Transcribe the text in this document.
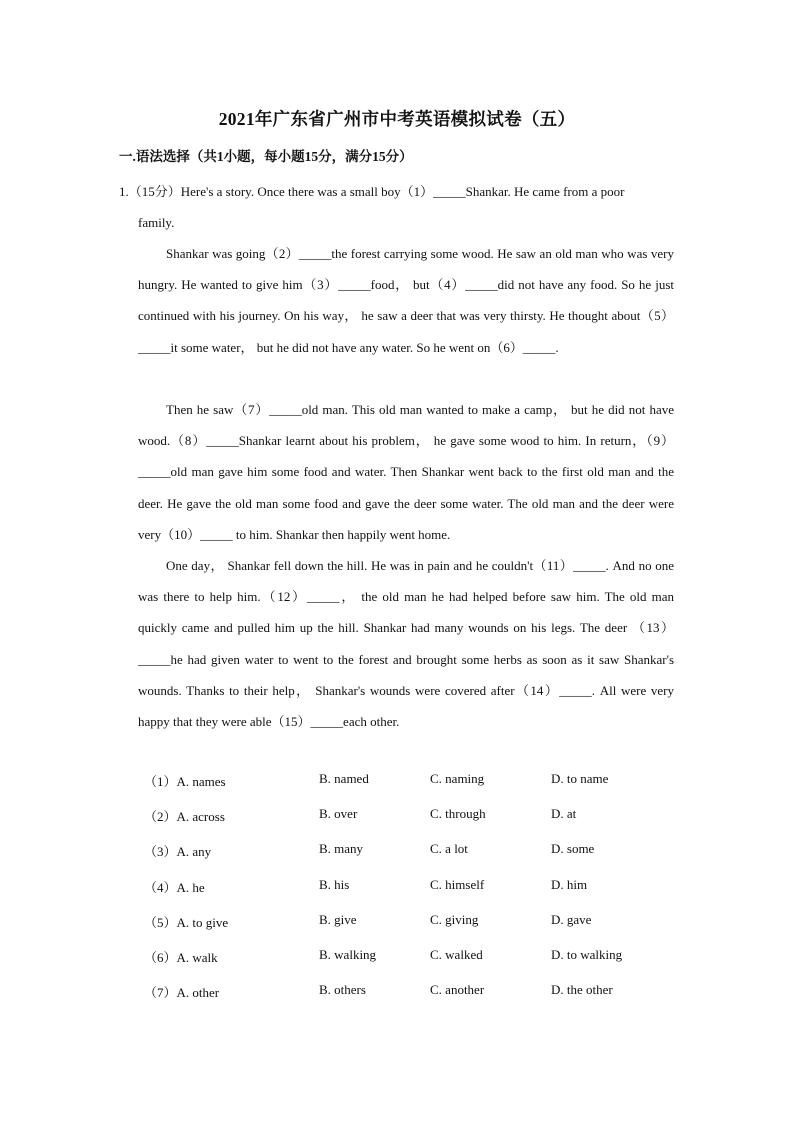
2021年广东省广州市中考英语模拟试卷（五）
一.语法选择（共1小题，每小题15分，满分15分）
1.（15分）Here's a story. Once there was a small boy（1）_____Shankar. He came from a poor
family.
Shankar was going（2）_____the forest carrying some wood. He saw an old man who was very hungry. He wanted to give him（3）_____food， but（4）_____did not have any food. So he just continued with his journey. On his way， he saw a deer that was very thirsty. He thought about（5）_____it some water， but he did not have any water. So he went on（6）_____.
Then he saw（7）_____old man. This old man wanted to make a camp， but he did not have wood.（8）_____Shankar learnt about his problem， he gave some wood to him. In return，（9）_____old man gave him some food and water. Then Shankar went back to the first old man and the deer. He gave the old man some food and gave the deer some water. The old man and the deer were very（10）_____ to him. Shankar then happily went home.
One day， Shankar fell down the hill. He was in pain and he couldn't（11）_____. And no one was there to help him.（12）_____， the old man he had helped before saw him. The old man quickly came and pulled him up the hill. Shankar had many wounds on his legs. The deer （13）_____he had given water to went to the forest and brought some herbs as soon as it saw Shankar's wounds. Thanks to their help， Shankar's wounds were covered after（14）_____. All were very happy that they were able（15）_____each other.
（1）A. names	B. named	C. naming	D. to name
（2）A. across	B. over	C. through	D. at
（3）A. any	B. many	C. a lot	D. some
（4）A. he	B. his	C. himself	D. him
（5）A. to give	B. give	C. giving	D. gave
（6）A. walk	B. walking	C. walked	D. to walking
（7）A. other	B. others	C. another	D. the other
